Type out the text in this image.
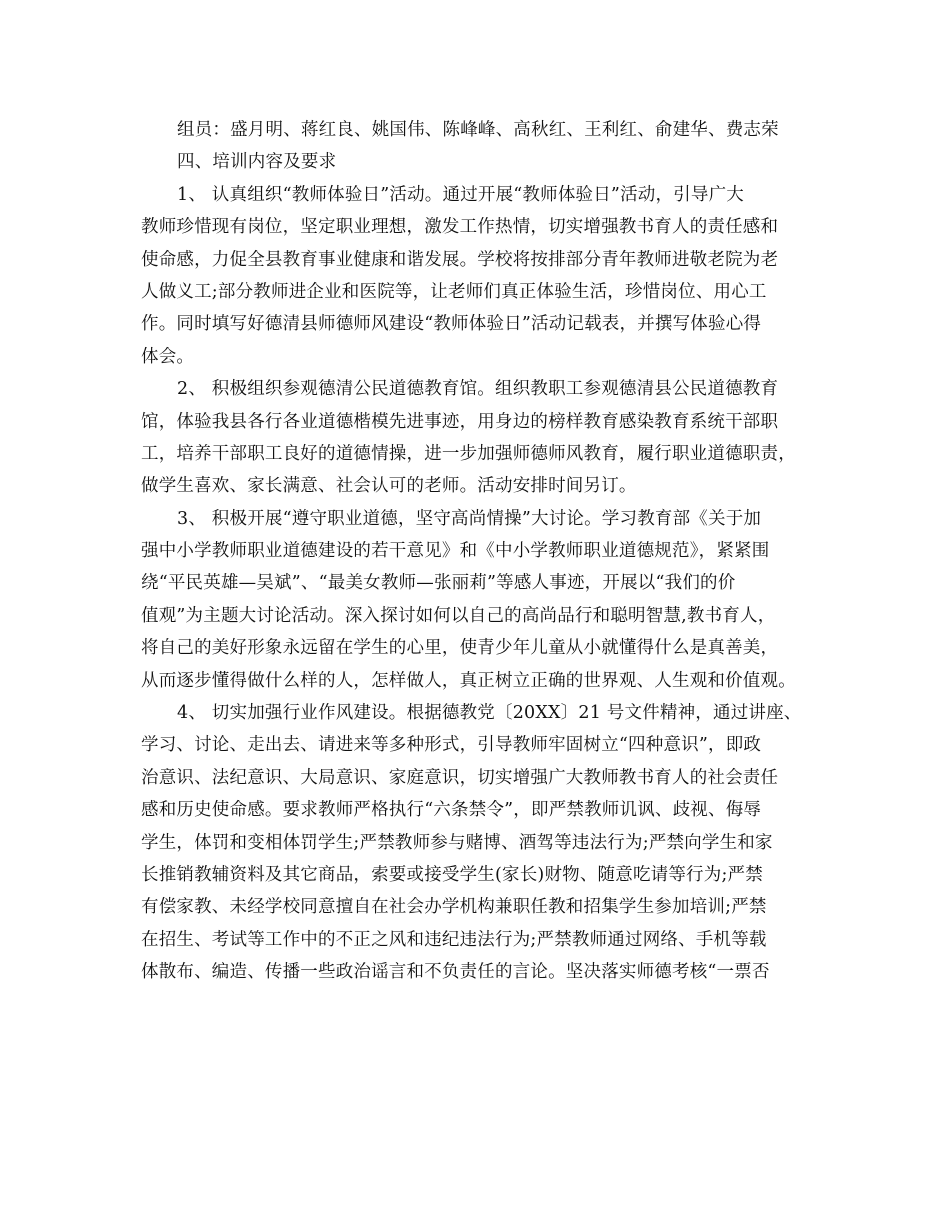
组员：盛月明、蒋红良、姚国伟、陈峰峰、高秋红、王利红、俞建华、费志荣
四、培训内容及要求
1、 认真组织“教师体验日”活动。通过开展“教师体验日”活动，引导广大
教师珍惜现有岗位，坚定职业理想，激发工作热情，切实增强教书育人的责任感和
使命感，力促全县教育事业健康和谐发展。学校将按排部分青年教师进敬老院为老
人做义工;部分教师进企业和医院等，让老师们真正体验生活，珍惜岗位、用心工
作。同时填写好德清县师德师风建设“教师体验日”活动记载表，并撰写体验心得
体会。
2、 积极组织参观德清公民道德教育馆。组织教职工参观德清县公民道德教育
馆，体验我县各行各业道德楷模先进事迹，用身边的榜样教育感染教育系统干部职
工，培养干部职工良好的道德情操，进一步加强师德师风教育，履行职业道德职责，
做学生喜欢、家长满意、社会认可的老师。活动安排时间另订。
3、 积极开展“遵守职业道德，坚守高尚情操”大讨论。学习教育部《关于加
强中小学教师职业道德建设的若干意见》和《中小学教师职业道德规范》，紧紧围
绕“平民英雄—吴斌”、“最美女教师—张丽莉”等感人事迹，开展以“我们的价
值观”为主题大讨论活动。深入探讨如何以自己的高尚品行和聪明智慧,教书育人，
将自己的美好形象永远留在学生的心里，使青少年儿童从小就懂得什么是真善美，
从而逐步懂得做什么样的人，怎样做人，真正树立正确的世界观、人生观和价值观。
4、 切实加强行业作风建设。根据德教党〔20XX〕21 号文件精神，通过讲座、
学习、讨论、走出去、请进来等多种形式，引导教师牢固树立“四种意识”，即政
治意识、法纪意识、大局意识、家庭意识，切实增强广大教师教书育人的社会责任
感和历史使命感。要求教师严格执行“六条禁令”，即严禁教师讥讽、歧视、侮辱
学生，体罚和变相体罚学生;严禁教师参与赌博、酒驾等违法行为;严禁向学生和家
长推销教辅资料及其它商品，索要或接受学生(家长)财物、随意吃请等行为;严禁
有偿家教、未经学校同意擅自在社会办学机构兼职任教和招集学生参加培训;严禁
在招生、考试等工作中的不正之风和违纪违法行为;严禁教师通过网络、手机等载
体散布、编造、传播一些政治谣言和不负责任的言论。坚决落实师德考核“一票否
